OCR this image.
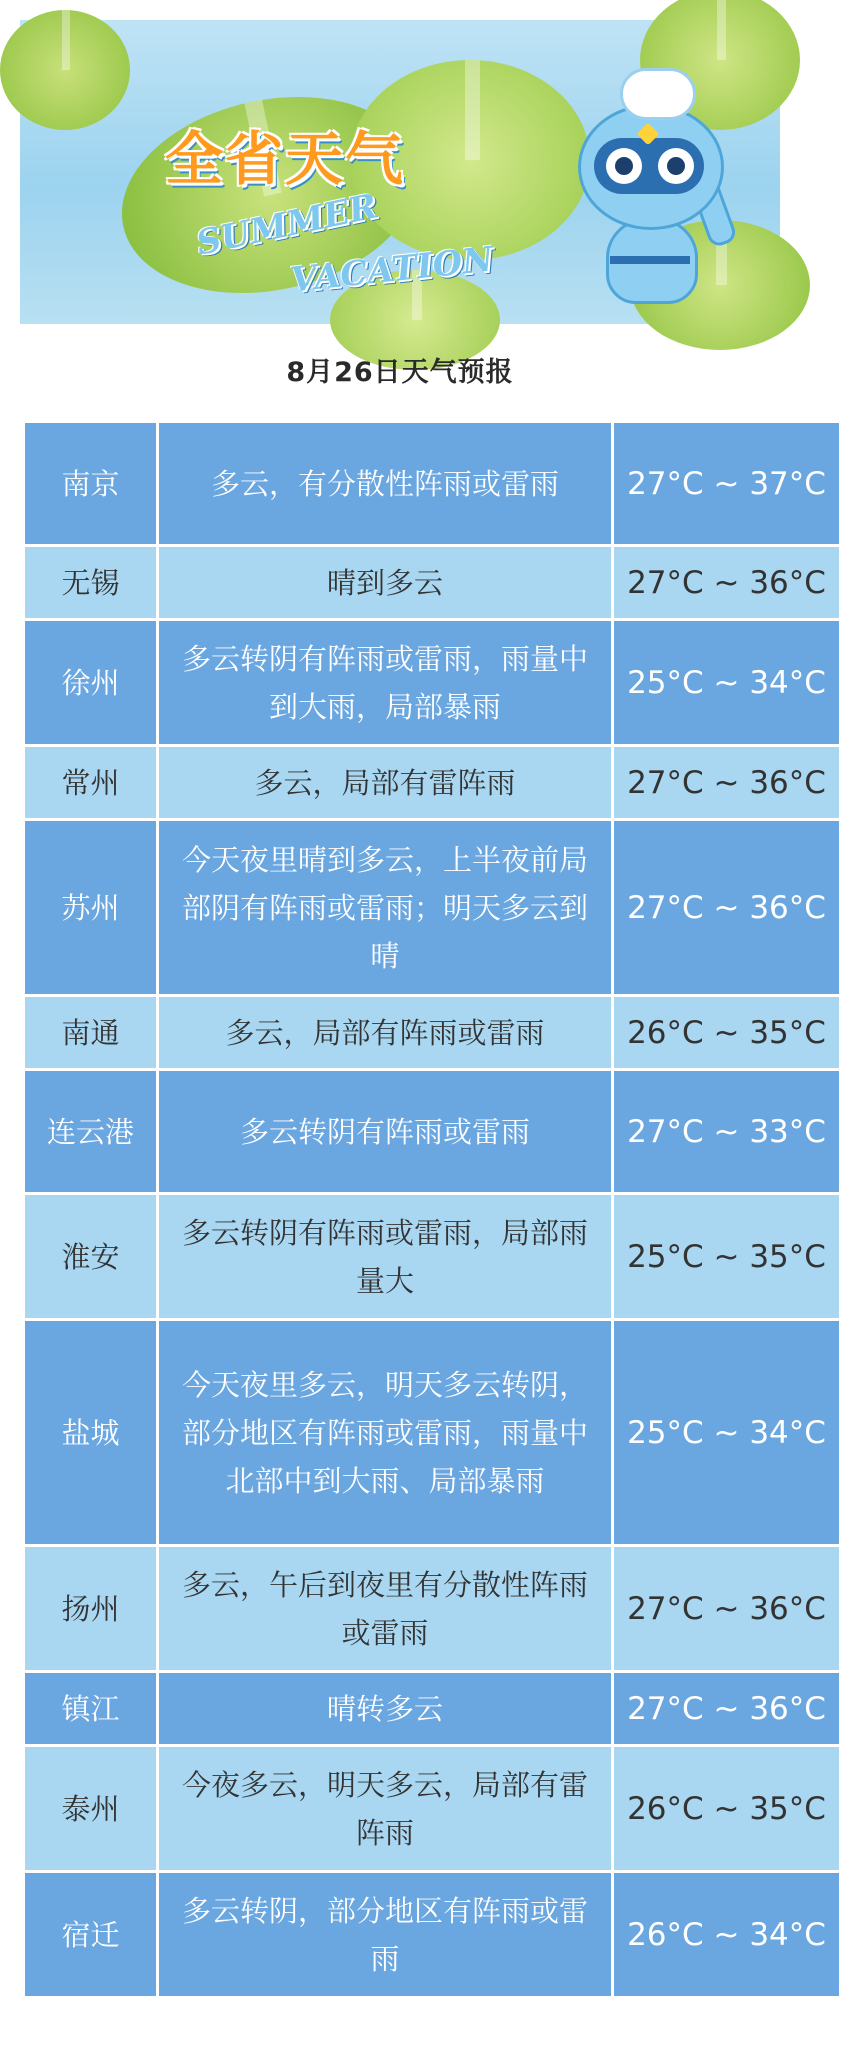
全省天气
SUMMER
VACATION
8月26日天气预报
南京	多云，有分散性阵雨或雷雨	27°C ~ 37°C
无锡	晴到多云	27°C ~ 36°C
徐州	多云转阴有阵雨或雷雨，雨量中到大雨，局部暴雨	25°C ~ 34°C
常州	多云，局部有雷阵雨	27°C ~ 36°C
苏州	今天夜里晴到多云，上半夜前局部阴有阵雨或雷雨；明天多云到晴	27°C ~ 36°C
南通	多云，局部有阵雨或雷雨	26°C ~ 35°C
连云港	多云转阴有阵雨或雷雨	27°C ~ 33°C
淮安	多云转阴有阵雨或雷雨，局部雨量大	25°C ~ 35°C
盐城	今天夜里多云，明天多云转阴，部分地区有阵雨或雷雨，雨量中北部中到大雨、局部暴雨	25°C ~ 34°C
扬州	多云，午后到夜里有分散性阵雨或雷雨	27°C ~ 36°C
镇江	晴转多云	27°C ~ 36°C
泰州	今夜多云，明天多云，局部有雷阵雨	26°C ~ 35°C
宿迁	多云转阴，部分地区有阵雨或雷雨	26°C ~ 34°C
